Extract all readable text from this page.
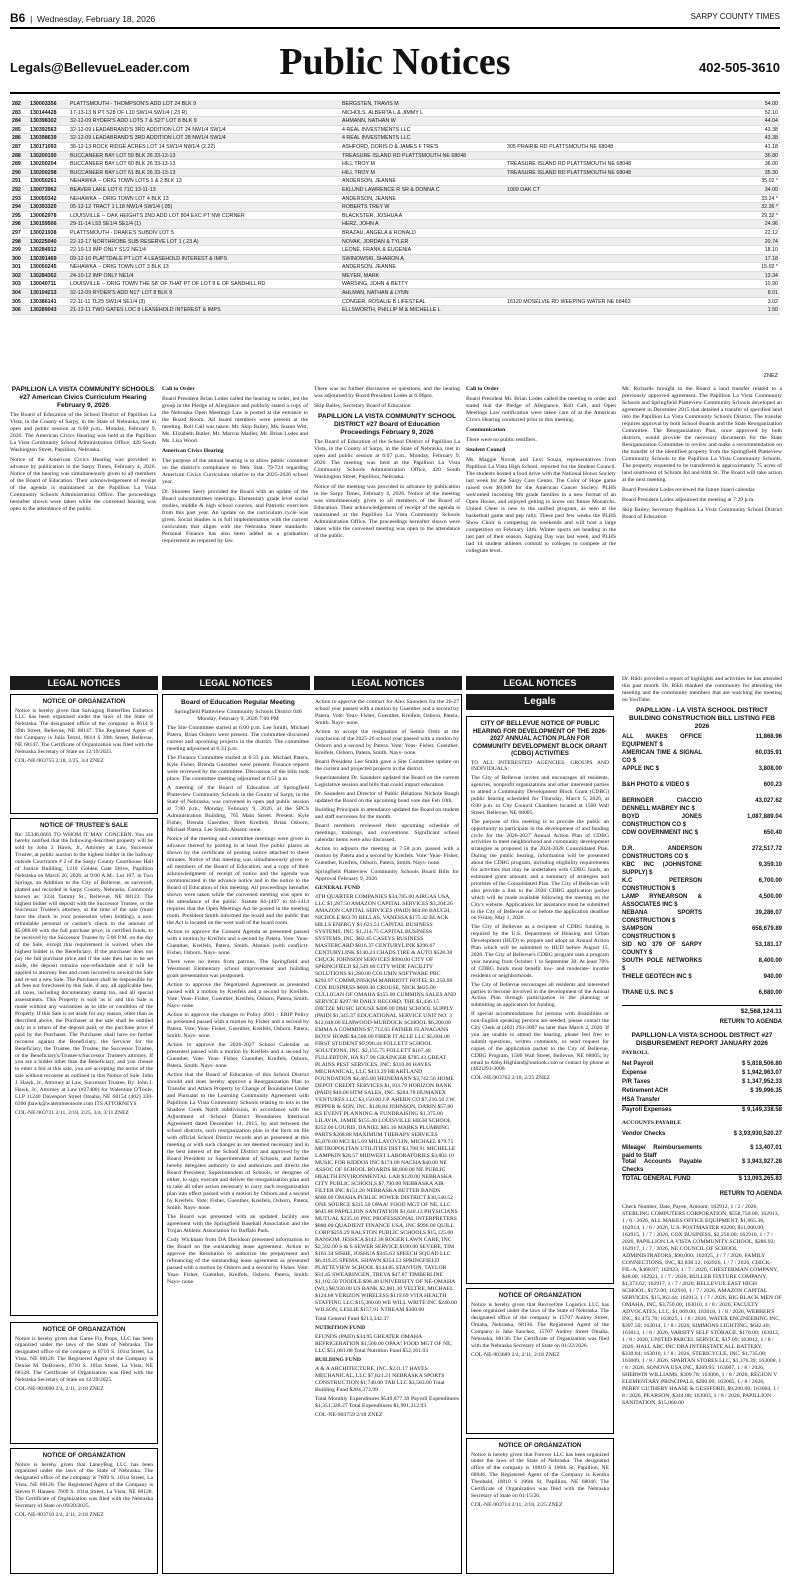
B6  |  Wednesday, February 18, 2026	SARPY COUNTY TIMES
Legals@BellevueLeader.com	Public Notices	402-505-3610
282	130003356	PLATTSMOUTH - THOMPSON'S ADD LOT 24 BLK 9	BERGSTEN, TRAVIS M	54.00
283	130144428	17-13-13 N PT S28 OF L10 SW1/4 SW1/4 (.23 R)	NICHOLS, ALBERTA L & JIMMY L	52.10
284	130398302	32-12-09 RYDER'S ADD LOTS 7 & S27' LOT 8 BLK 9	AHMANN, NATHAN W	44.04
285	130392563	32-12-09 LEADABRAND'S 3RD ADDITION LOT 24 NW1/4 SW1/4	4 REAL INVESTMENTS LLC	43.38
286	130398639	32-12-09 LEADABRAND'S 3RD ADDITION LOT 28 NW1/4 SW1/4	4 REAL INVESTMENTS LLC	43.38
287	130171093	36-12-13 ROCK RIDGE ACRES LOT 14 SW1/4 NW1/4 (2.22)	ASHFORD, DORIS D & JAMES F TRE'S	305 PRAIRIE RD PLATTSMOUTH NE 68048	41.18
288	130200190	BUCCANEER BAY LOT 59 BLK 26 33-13-13	TREASURE ISLAND RD PLATTSMOUTH NE 68048	36.80
289	130200204	BUCCANEER BAY LOT 60 BLK 26 33-13-13	HILL TROY M	TREASURE ISLAND RD PLATTSMOUTH NE 68048	36.00
290	130200298	BUCCANEER BAY LOT 61 BLK 26 33-13-13	HILL TROY M	TREASURE ISLAND RD PLATTSMOUTH NE 68048	35.30
291	130050261	NEHAWKA -- ORIG TOWN LOTS 1 & 2 BLK 13	ANDERSON, JEANNE	35.02 *
292	130073962	BEAVER LAKE LOT 6 71C 13-11-13	EKLUND LAWRENCE R SR & DONNA C	1009 OAK CT	34.00
293	130050342	NEHAWKA -- ORIG TOWN LOT 4 BLK 13	ANDERSON, JEANNE	33.24 *
294	130393320	05-12-12 TRACT 1 L18 NW1/4 SW1/4 (.05)	ROBERTS TREY W	32.36 *
295	130062978	LOUISVILLE -- OAK HEIGHTS 2ND ADD LOT 804 EXC PT NW CORNER	BLACKSTER, JOSHUA A	29.32 *
296	130159506	29-11-14 L53 SE1/4 SE1/4 (1)	HERZ, JOHN A	24.96
297	130021938	PLATTSMOUTH - DRAKE'S SUBDIV LOT 5	BRAZAU, ANGELA & RONALD	22.12
298	130225040	22-12-17 NORTHROBE SUB RESERVE LOT 1 (.23 A)	NOVAK, JORDAN & TYLER	20.74
299	130284912	22-10-13 IMP ONLY S1/2 NE1/4	LEONE, FRANK & EUGENIA	18.10
300	130391469	09-12-10 PLATTDALE PT LOT 4 LEASEHOLD INTEREST & IMPS	SWINOWSKI, SHARON A	17.18
301	130050245	NEHAWKA -- ORIG TOWN LOT 3 BLK 13	ANDERSON, JEANNE	15.02 *
302	130284362	24-10-12 IMP ONLY NE1/4	MEYER, MARK	13.34
303	130040711	LOUISVILLE -- ORIG TOWN THE S8' OF THAT PT OF LOT 8 E OF SANDHILL RD	WARSING, JOHN & BETTY	10.90
304	130104213	32-12-09 RYDER'S ADD N17' LOT 8 BLK 9	AHLMAN, NATHAN & LYNN	8.01
305	130386141	22-11-11 TL29 SW1/4 SE1/4 (3)	CONGER, ROSALIE B LIFESTEAL	16120 MOSELVIE RD WEEPING WATER NE 68463	3.02
306	130289043	21-12-11 TWO GATES LOC 8 LEASEHOLD INTEREST & IMPS	ELLSWORTH, PHILLIP M & MICHELLE L	1.50
ZNEZ
PAPILLION LA VISTA COMMUNITY SCHOOLS #27 American Civics Curriculum Hearing February 9, 2026

The Board of Education of the School District of Papillion La Vista, in the County of Sarpy, in the State of Nebraska, met in open and public session at 6:00 p.m., Monday, February 9, 2026. The American Civics Hearing was held at the Papillion La Vista Community School Administration Office, 420 South Washington Street, Papillion, Nebraska.

Notice of the American Civics Hearing was provided in advance by publication in the Sarpy Times, February 4, 2026. Notice of the hearing was simultaneously given to all members of the Board of Education. Their acknowledgement of receipt of the agenda is maintained at the Papillion La Vista Community Schools Administration Office. The proceedings hereafter shown were taken while the convened hearing was open to the attendance of the public.

Call to Order

Board President Brian Lodes called the hearing to order, led the group in the Pledge of Allegiance and publicly stated a copy of the Nebraska Open Meetings Law is posted at the entrance to the Board Room. All board members were present at the meeting. Roll Call was taken: Mr. Skip Bailey, Ms. Suann Witt, Ms. Elizabeth Butler, Mr. Marcus Madler, Mr. Brian Lodes and Ms. Lisa Wood.

American Civics Hearing

The purpose of the annual hearing is to allow public comment on the district's compliance to Neb. Stat. 79-724 regarding American Civics Curriculum relative to the 2025-2026 school year.

Dr. Shureen Seery provided the Board with an update of the Board subcommittees meetings. Elementary grade level social studies, middle & high school courses, and Patriotic exercises from this past year. An update on the curriculum cycle was given. Social Studies is in full implementation with the current curriculum that aligns with the Nebraska State standards. Personal Finance has also been added as a graduation requirement as required by law.

There was no further discussion or questions, and the hearing was adjourned by Board President Lodes at 6:06pm.

Skip Bailey, Secretary Board of Education

PAPILLION LA VISTA COMMUNITY SCHOOL DISTRICT #27 Board of Education Proceedings February 9, 2026

The Board of Education of the School District of Papillion La Vista, in the County of Sarpy, in the State of Nebraska, met in open and public session at 6:07 p.m., Monday, February 9, 2026. The meeting was held at the Papillion La Vista Community Schools Administration Office, 420 South Washington Street, Papillion, Nebraska.

Notice of the meeting was provided in advance by publication in the Sarpy Times, February 4, 2026. Notice of the meeting was simultaneously given to all members of the Board of Education. Their acknowledgement of receipt of the agenda is maintained at the Papillion La Vista Community Schools Administration Office. The proceedings hereafter shown were taken while the convened meeting was open to the attendance of the public.

Call to Order

Board President Mr. Brian Lodes called the meeting to order and stated that the Pledge of Allegiance, Roll Call, and Open Meetings Law notification were taken care of at the American Civics Hearing conducted prior to this meeting.

Communication

There were no public testifiers.

Student Council

Ms. Maggie Novak and Lexi Souza, representatives from Papillion La Vista High School, reported for the Student Council. The students hosted a food drive with the National Honor Society last week for the Sarpy Care Center. The Color of Hope game raised over $9,000 for the American Cancer Society. PLHS welcomed incoming 8th grade families in a new format of an Open House, and enjoyed getting to know our future Monarchs. United Cheer is new to the unified program, as seen at the basketball game and pep rally. These past few weeks the PLHS Show Choir is competing on weekends and will host a large competition on February 14th. Winter sports are heading in the last part of their season. Signing Day was last week, and PLHS had 14 student athletes commit to colleges to compete at the collegiate level.

Mr. Richards brought to the Board a land transfer related to a previously approved agreement. The Papillion La Vista Community Schools and Springfield Platteview Community Schools developed an agreement in December 2015 that detailed a transfer of specified land into the Papillion La Vista Community Schools District. The transfer requires approval by both School Boards and the State Reorganization Committee. The Reorganization Plan, once approved by both districts, would provide the necessary documents for the State Reorganization Committee to review and make a recommendation on the transfer of the identified property from the Springfield Platteview Community Schools to the Papillion La Vista Community Schools. The property requested to be transferred is approximately 75 acres of land southwest of Schram Rd and 84th St. The Board will take action at the next meeting.

Board President Lodes reviewed the future board calendar.

Board President Lodes adjourned the meeting at 7:29 p.m.

Skip Bailey, Secretary Papillion La Vista Community School District Board of Education

LEGAL NOTICES	LEGAL NOTICES	LEGAL NOTICES	LEGAL NOTICES
NOTICE OF ORGANIZATION

Notice is hereby given that Salvaging Butterflies Esthetics LLC has been organized under the laws of the State of Nebraska. The designated office of the company is 8614 S 39th Street, Bellevue, NE 68147. The Registered Agent of the Company is Julia Terrel, 8614 S 39th Street, Bellevue, NE 68147. The Certificate of Organization was filed with the Nebraska Secretary of State on 12/19/2025.

COL-NE-903755 2/18, 2/25, 3/4 ZNEZ

NOTICE OF TRUSTEE'S SALE

Re: 35346.0603 TO WHOM IT MAY CONCERN: You are hereby notified that the following-described property will be sold by John J. Hawk, Jr., Attorney at Law, Successor Trustee, at public auction to the highest bidder in the hallway outside Courtroom # 2 of the Sarpy County Courthouse Hall of Justice Building, 1210 Golden Gate Drive, Papillion Nebraska on March 26, 2026, at 9:00 A.M.: Lot 107, in Two Springs, an Addition to the City of Bellevue, as surveyed, platted and recorded in Sarpy County, Nebraska. Commonly known as: 3334 Tammy St., Bellevue, NE 68123. The highest bidder will deposit with the Successor Trustee, or the Successor Trustee's attorney, at the time of the sale (must have the check in your possession when bidding), a non-refundable personal or cashier's check in the amount of $5,000.00 with the full purchase price, in certified funds, to be received by the Successor Trustee by 5:00 P.M. on the day of the Sale, except this requirement is waived when the highest bidder is the Beneficiary. If the purchaser does not pay the full purchase price and if the sale then has to be set aside, the deposit remains non-refundable and it will be applied to attorney fees and costs incurred to unwind the Sale and re-set a new Sale. The Purchaser shall be responsible for all fees not foreclosed by this Sale, if any, all applicable fees, all taxes, including documentary stamp tax, and all special assessments. This Property is sold 'as is' and this Sale is made without any warranties as to title or condition of the Property. If this Sale is set aside for any reason, other than as described above, the Purchaser at the sale shall be entitled only to a return of the deposit paid, or the purchase price if paid by the Purchaser. The Purchaser shall have no further recourse against the Beneficiary, the Servicer for the Beneficiary, the Trustee, the Trustee, the Successor Trustee, or the Beneficiary's/Trustee's/Successor Trustee's attorney. If you are a bidder other than the Beneficiary, and you choose to enter a bid at this sale, you are accepting the terms of the sale without recourse as outlined in this Notice of Sale. John J. Hawk, Jr., Attorney at Law, Successor Trustee, By: John J. Hawk, Jr., Attorney at Law (#27400) for Walentine O'Toole, LLP 11240 Davenport Street Omaha, NE 68154 (402) 330-6300 jhawk@walentineotoole.com ITS ATTORNEYS

COL-NE-903721 2/11, 2/18, 2/25, 3/4, 3/11 ZNEZ

NOTICE OF ORGANIZATION

Notice is hereby given that Game Fix Props, LLC has been organized under the laws of the State of Nebraska. The designated office of the company is 8710 S. 101st Street, La Vista, NE 68128. The Registered Agent of the Company is Denise M. DeBroeck, 8710 S. 101st Street, La Vista, NE 68128. The Certificate of Organization was filed with the Nebraska Secretary of State on 12/29/2025.

COL-NE-903690 2/4, 2/11, 2/18 ZNEZ

NOTICE OF ORGANIZATION

Notice is hereby given that LaneyBug LLC has been organized under the laws of the State of Nebraska. The designated office of the company is 7609 S. 101st Street, La Vista, NE 68128. The Registered Agent of the Company is Steven P. Hansen, 7609 S. 101st Street, La Vista, NE 68128. The Certificate of Organization was filed with the Nebraska Secretary of State on 09/20/2025.

COL-NE-903710 2/4, 2/11, 2/18 ZNEZ

Board of Education Regular Meeting

Springfield Platteview Community Schools District 046 Monday, February 9, 2026 7:00 PM

The Site Committee started at 6:00 p.m. Lee Smith, Michael Patera, Brian Osborn were present. The committee discussed current and upcoming projects in the district. The committee meeting adjourned at 6:31 p.m.

The Finance Committee started at 6:33 p.m. Michael Patera, Kyle Fisher, Brenda Guenther were present. Finance reports were reviewed by the committee. Discussion of the bills took place. The committee meeting adjourned at 6:51 p.m.

A meeting of the Board of Education of Springfield Platteview Community Schools in the County of Sarpy, in the State of Nebraska, was convened in open and public session at 7:00 p.m., Monday, February 9, 2026, at the SPCS Administration Building, 765 Main Street. Present: Kyle Fisher, Brenda Guenther, Brett Kreifels, Brian Osborn, Michael Patera, Lee Smith. Absent: none.

Notice of the meeting and committee meetings were given in advance thereof by posting in at least five public places as shown by the certificate of posting notice attached to these minutes. Notice of this meeting was simultaneously given to all members of the Board of Education, and a copy of their acknowledgment of receipt of notice and the agenda was communicated in the advance notice and in the notice to the Board of Education of this meeting. All proceedings hereafter shown were taken while the convened meeting was open to the attendance of the public. Statute 84-1407 to 84-1414 requires that the Open Meetings Act be posted in the meeting room. President Smith informed the board and the public that the Act is located on the west wall of the board room.

Action to approve the Consent Agenda as presented passed with a motion by Kreifels and a second by Patera. Vote: Yeas- Guenther, Kreifels, Patera, Smith. Abstain (with conflict)- Fisher, Osborn. Nays- none.

There were no items from patrons. The Springfield and Westmont Elementary school improvement and building goals presentation was postponed.

Action to approve the Negotiated Agreement as presented passed with a motion by Kreifels and a second by Kreifels. Vote: Yeas- Fisher, Guenther, Kreifels, Osborn, Patera, Smith. Nays- none.

Action to approve the changes to Policy 4901 - ERIP Policy as presented passed with a motion by Fisher and a second by Patera. Vote: Yeas- Fisher, Guenther, Kreifels, Osborn, Patera, Smith. Nays- none.

Action to approve the 2026-2027 School Calendar as presented passed with a motion by Kreifels and a second by Guenther. Vote: Yeas- Fisher, Guenther, Kreifels, Osborn, Patera, Smith. Nays- none.

Action that the Board of Education of this School District should and does hereby approve a Reorganization Plan to Transfer and Attach Property by Change of Boundaries Under and Pursuant to the Learning Community Agreement with Papillion La Vista Community Schools relating to lots in the Shadow Creek North subdivision, in accordance with the Adjustment of School District Boundaries Interlocal Agreement dated December 14, 2015, by and between the school districts, such reorganization plan in the form on file with official School District records and as presented at this meeting or with such changes as are deemed necessary and in the best interest of the School District and approved by the Board President or Superintendent of Schools, and further hereby delegates authority to and authorizes and directs the Board President, Superintendent of Schools, or designee of either, to sign, execute and deliver the reorganization plan and to take all other action necessary to carry such reorganization plan into effect passed with a motion by Osborn and a second by Kreifels. Vote: Fisher, Guenther, Kreifels, Osborn, Patera, Smith. Nays- none.

The Board was presented with an updated facility use agreement with the Springfield Baseball Association and the Trojan Athletic Association for Buffalo Park.

Cody Wickham from DA Davidson presented information to the Board on the outstanding lease agreement. Action to approve the Resolution to authorize the prepayment and refinancing of the outstanding lease agreement as presented passed with a motion by Osborn and a second by Fisher. Vote: Yeas- Fisher, Guenther, Kreifels, Osborn, Patera, Smith. Nays- none.

Action to approve the contract for Alex Saunders for the 26-27 school year passed with a motion by Guenther and a second by Patera. Vote: Yeas- Fisher, Guenther, Kreifels, Osborn, Patera, Smith. Nays- none.

Action to accept the resignation of Semiz Ortiz at the conclusion of the 2025-26 school year passed with a motion by Osborn and a second by Patera. Vote: Yeas- Fisher, Guenther, Kreifels, Osborn, Patera, Smith. Nays- none.

Board President Lee Smith gave a Site Committee update on the current and projected projects in the district.

Superintendent Dr. Saunders updated the Board on the current Legislative session and bills that could impact education.

Dr. Saunders and Director of Public Relations Nichole Baugh updated the Board on the upcoming bond vote due Feb 10th.

Building Principals in attendance updated the Board on student and staff successes for the month.

Board members reviewed their upcoming schedule of meetings, trainings, and conventions. Significant school calendar items were also discussed.

Action to adjourn the meeting at 7:58 p.m. passed with a motion by Patera and a second by Kreifels. Vote: Yeas- Fisher, Guenther, Kreifels, Osborn, Patera, Smith. Nays- none.

Springfield Platteview Community Schools Board Bills for Approval February 9, 2026

GENERAL FUND

4TH QUARTER COMPANIES $34,785.00 AIRGAS USA, LLC $1,287.50 AMAZON CAPITAL SERVICES $3,204.26 AMAZON CAPITAL SERVICES (PAID) $64.86 BAUGH, NICHOLE $63.70 BELLAS, VANESSA $175.42 BLACK HILLS ENERGY $1,621.51 CAPITAL BUSINESS SYSTEMS, INC. $1,214.75 CAPITAL BUSINESS SYSTEMS, INC. $82.45 CASEYS BUSINESS MASTERCARD $816.37 CENTURYLINK $296.67 CENTURYLINK $140.24 CHADS TIRE & AUTO $528.38 CHUCK JOHNSON SERVICES $990.00 CITY OF SPRINGFIELD $2,549.80 CITY WIDE FACILITY SOLUTIONS $1,280.00 COLUMN SOFTWARE PBC $293.97 COMMUNISKIM MARRIOTT HOTEL $1,250.00 COX BUSINESS $668.40 CROUSE, NICK $825.00 CULLIGAN OF OMAHA $155.00 CUMMINS SALES AND SERVICE $297.98 DAILY RECORD, THE $1,436.15 DIETZE MUSIC HOUSE $406.00 DMJ SCHOOL SUPPLY (PAID) $1,345.37 EDUCATIONAL SERVICE UNIT NO. 3 $12,648.00 ELMWOOD-MURDOCK SCHOOL $6,200.00 EMMA A COMMINS $7,712.65 FATHER FLANAGANS BOYS' HOME $4,500.00 FIBER IT ALLE LLC $5,604.00 FIRST STUDENT $9,996.44 FOLLETT SCHOOL SOLUTIONS, INC. $2,155.75 FOLLETT $167.48 FULLERTON, HA $17.90 GRAINGER $785.43 GREAT PLAINS PEST SERVICES, INC. $310.00 HAYES MECHANICAL, LLC $413.29 HEARTLAND FOUNDATION $4,465.80 HEINEMANN $3,742.56 HOME DEPOT CREDIT SERVICES $1,103.79 HORIZON BANK (PAID) $40.00 HTM SALES, INC. $284.78 HUMANEX VENTURES LLC $3,150.00 J.P. AHERN CO $7,216.50 J.W. PEPPER & SON, INC. $148.84 JOHNSON, DARIN $57.80 KS EVENT PLANNING & FUNDRAISING $1,375.00 LILAVIA, JAMIE $155.40 LOUISVILLE HIGH SCHOOL $252.00 LOURIS, DANIEL $85.16 MARKS PLUMBING PARTS $268.88 MAXIMUM THERAPY SERVICES $5,870.00 MCI $15.69 MILLAYOVLIN, MICHAEL $79.75 METROPOLITAN UTILITIES DIST $3,708.91 MICHELLE LAMPKIN $28.57 MIDWEST LABORATORIES $3,802.10 MUSIC FOR KIDDOS INC $174.00 NACHA $40.00 NE ASSOC OF SCHOOL BOARDS $8,800.00 NE PUBLIC HEALTH ENVIRONMENTAL LAB $120.00 NEBRASKA CITY PUBLIC SCHOOLS $7,790.00 NEBRASKA AIR FILTER INC $151.20 NEBRASKA BETTER BANDS $600.00 OMAHA PUBLIC POWER DISTRICT $30,540.52 ONE SOURCE $315.50 OPAA! FOOD MGT OF NE, LLC $645.86 PAPILLION SANITATION $1,640.13 PHYSICIANS MUTUAL $235.16 PNC PROFESSIONAL INTERPRETERS $880.00 QUADIENT FINANCE USA, INC $996.00 QUILL CORP $259.29 RALSTON PUBLIC SCHOOLS $15,125.00 RANSOM, JESSICA $142.38 ROGER LAWN CARE, INC $2,592.00 S & S SEWER SERVICE $190.00 SEVERE, TIM $163.34 SISHE, JOSHUA $345.63 SPEECH SQUAD LLC $6,419.25 SPEMA, SHAWN $354.53 SPRINGFIELD PLATTEVIEW SCHOOL $144.05 STANTON, TAYLOR $31.45 SWEARINGEN, TREVA $47.87 TIMBERLINE $1,102.50 TOODLE $98.40 UNIVERSITY OF NE-OMAHA (WL) $8,930.00 US BANK $2,881.30 VELTRE, MICHAEL $124.68 VERIZON WIRELESS $119.69 VITA HEALTH STAFFING LLC $15,360.00 WE WILL WRITE INC $240.00 WILSON, LESLIE $157.91 XTREAM $300.00

Total General Fund $213,342.37

NUTRITION FUND

EFUNDS (PAID) $34.95 GREATER OMAHA REFRIGERATION $1,500.00 OPAA! FOOD MGT OF NE, LLC $51,081.08 Total Nutrition Fund $52,161.03

BUILDING FUND

A & A ARCHITECTURE, INC. $231.17 HAYES MECHANICAL, LLC $7,821.21 NEBRASKA SPORTS CONSTRUCTION $1,740.00 TAB LLC $3,583.00 Total Building Fund $284,373.99

Total Monthly Expenditures $549,877.39 Payroll Expenditures $1,351,328.27 Total Expenditures $1,901,212.93

COL-NE-903759 2/18 ZNEZ

Legals
CITY OF BELLEVUE NOTICE OF PUBLIC HEARING FOR DEVELOPMENT OF THE 2026-2027 ANNUAL ACTION PLAN FOR COMMUNITY DEVELOPMENT BLOCK GRANT (CDBG) ACTIVITIES

TO ALL INTERESTED AGENCIES, GROUPS AND INDIVIDUALS:

The City of Bellevue invites and encourages all residents, agencies, nonprofit organizations and other interested parties to attend a Community Development Block Grant (CDBG) public hearing scheduled for Thursday, March 5, 2026, at 6:00 p.m. in City Council Chambers located at 1500 Wall Street, Bellevue, NE 68005.

The purpose of this meeting is to provide the public an opportunity to participate in the development of and funding cycle for the 2026-2027 Annual Action Plan of CDBG activities to meet neighborhood and community development strategies as proposed in the 2024-2028 Consolidated Plan. During the public hearing, information will be presented about the CDBG program, including eligibility requirements for activities that may be undertaken with CDBG funds, an estimated grant amount, and a summary of strategies and priorities of the Consolidated Plan. The City of Bellevue will also provide a link to the 2026 CDBG application packet which will be made available following the meeting on the City's website. Applications for assistance must be submitted to the City of Bellevue on or before the application deadline on Friday, May 1, 2026.

The City of Bellevue as a recipient of CDBG funding is required by the U.S. Department of Housing and Urban Development (HUD) to prepare and adopt an Annual Action Plan which will be submitted to HUD before August 15, 2026. The City of Bellevue's CDBG program uses a program year running from October 1 to September 30. At least 70% of CDBG funds must benefit low- and moderate- income residents or neighborhoods.

The City of Bellevue encourages all residents and interested parties to become involved in the development of the Annual Action Plan through participation in the planning or submitting an application for funding.

If special accommodations for persons with disabilities or non-English speaking persons are needed, please contact the City Clerk at (402) 293-3007 no later than March 2, 2026. If you are unable to attend the hearing, please feel free to submit questions, written comments, or send request for copies of the application packet to the City of Bellevue, CDBG Program, 1500 Wall Street, Bellevue, NE 68005; by email to Abby.Highland@outlook.com or contact by phone at (402)293-3000.

COL-NE-903762 2/18, 2/25 ZNEZ

NOTICE OF ORGANIZATION

Notice is hereby given that ReviveOne Logistics LLC has been organized under the laws of the State of Nebraska. The designated office of the company is 15707 Audrey Street, Omaha, Nebraska, 68136. The Registered Agent of the Company is Jake Sanchez, 15707 Audrey Street Omaha, Nebraska, 68136. The Certificate of Organization was filed with the Nebraska Secretary of State on 01/22/2026.

COL-NE-903689 2/4, 2/11, 2/18 ZNEZ

NOTICE OF ORGANIZATION

Notice is hereby given that Forever LLC has been organized under the laws of the State of Nebraska. The designated office of the company is 10810 S 106th St, Papillion, NE 68046. The Registered Agent of the Company is Kendra Theobald, 10810 S 106th St, Papillion, NE 68046. The Certificate of Organization was filed with the Nebraska Secretary of State on 01/15/26.

COL-NE-903714 2/11, 2/18, 2/25 ZNEZ

Dr. Rikli provided a report of highlights and activities he has attended this past month. Dr. Rikli thanked the community for attending the meeting and the community members that are watching the meeting on YouTube.

PAPILLION - LA VISTA SCHOOL DISTRICT BUILDING CONSTRUCTION BILL LISTING FEB 2026
ALL MAKES OFFICE EQUIPMENT $
11,868.96
AMERICAN TIME & SIGNAL CO $
60,035.91
APPLE INC $	3,808.00
B&H PHOTO & VIDEO $	600.23
BERINGER CIACCIO DENNELL MABREY INC $
43,027.62
BOYD JONES CONSTRUCTION CO $
1,087,889.04
CDW GOVERNMENT INC $	650.40
D.R. ANDERSON CONSTRUCTORS CO $
272,517.72
KBC INC (JOHNSTONE SUPPLY) $
9,359.10
K.C PETERSON CONSTRUCTION $
6,700.00
LAMP RYNEARSON & ASSOCIATES INC $
4,500.00
NEBANA SPORTS CONSTRUCTION $
39,286.07
SAMPSON CONSTRUCTION $
658,679.89
SID NO 379 OF SARPY COUNTY $
53,181.17
SOUTH POLE NETWORKS $
8,400.00
THIELE GEOTECH INC $	940.00
TRANE U.S. INC $	6,680.00
$2,568,124.11
RETURN TO AGENDA
PAPILLION-LA VISTA SCHOOL DISTRICT #27 DISBURSEMENT REPORT JANUARY 2026

PAYROLL

Net Payroll	$ 5,818,506.80
Expense	$ 1,942,963.07
P/R Taxes	$ 1,347,952.33
Retirement ACH	$ 39,996.35
HSA Transfer
Payroll Expenses	$ 9,149,338.58

ACCOUNTS PAYABLE

Vendor Checks	$ 3,93,930,520.27
Mileage/ Reimbursements paid to Staff
$ 13,407.01
Total Accounts Payable Checks
$ 3,943,927.28
TOTAL GENERAL FUND	$ 13,093,265.83
RETURN TO AGENDA

Check Number, Date, Payee, Amount: 162912, 1 / 2 / 2026, STERLING COMPUTERS CORPORATION, $558,750.00; 162913, 1 / 6 / 2026, ALL MAKES OFFICE EQUIPMENT, $1,065.36; 162914, 1 / 6 / 2026, U.S. POSTMASTER #2200, $11,000.00; 162915, 1 / 7 / 2026, COX BUSINESS, $2,256.00; 162916, 1 / 7 / 2026, PAPILLION LA VISTA COMMUNITY SCHOOL, $286.93; 162917, 1 / 7 / 2026, NE COUNCIL OF SCHOOL ADMINISTRATORS, $90,000; 162925, 1 / 7 / 2026, FAMILY CONNECTIONS, INC, $2,838.12; 162926, 1 / 7 / 2026, CHICK-FIL-A, $468.97; 162923, 1 / 7 / 2026, CHESTERMAN COMPANY, $48.00; 162921, 1 / 7 / 2026, BULLER FIXTURE COMPANY, $1,373.62; 162917, 1 / 7 / 2026, BELLEVUE EAST HIGH SCHOOL, $172.00; 162916, 1 / 7 / 2026, AMAZON CAPITAL SERVICES, $15,363.44; 162913, 1 / 7 / 2026, BIG BLACK MEN OF OMAHA, INC, $3,750.00; 163010, 1 / 8 / 2026, FACULTY ADVOCATES, LLC, $1,069.00; 163018, 1 / 8 / 2026, WEBBER'S INC, $1,472.70; 163025, 1 / 8 / 2026, WATER ENGINEERING INC, $397.50; 163014, 1 / 8 / 2026, SIMMONS LIGHTING, $642.40; 163013, 1 / 8 / 2026, VARSITY SELF STORAGE, $170.00; 163012, 1 / 8 / 2026, UNITED PARCEL SERVICE, $17.09; 163012, 1 / 8 / 2026, HALL ABC INC DBA INTERSTATE ALL BATTERY, $330.84; 163010, 1 / 8 / 2026, STERICYCLE, INC, $1,735.08; 163009, 1 / 8 / 2026, SPARTAN STORES LLC, $1,376.39; 163008, 1 / 8 / 2026, SONOVA USA INC, $269.95; 163007, 1 / 8 / 2026, SHERWIN WILLIAMS, $309.78; 163006, 1 / 8 / 2026, REGION V ELEMENTARY PRINCIPALS, $200.00; 163005, 1 / 8 / 2026, PERRY GUTHERY HAASE & GESSFORD, $9,200.00; 163004, 1 / 8 / 2026, PEARSON, $344.08; 163003, 1 / 8 / 2026, PAPILLION SANITATION, $15,060.00
